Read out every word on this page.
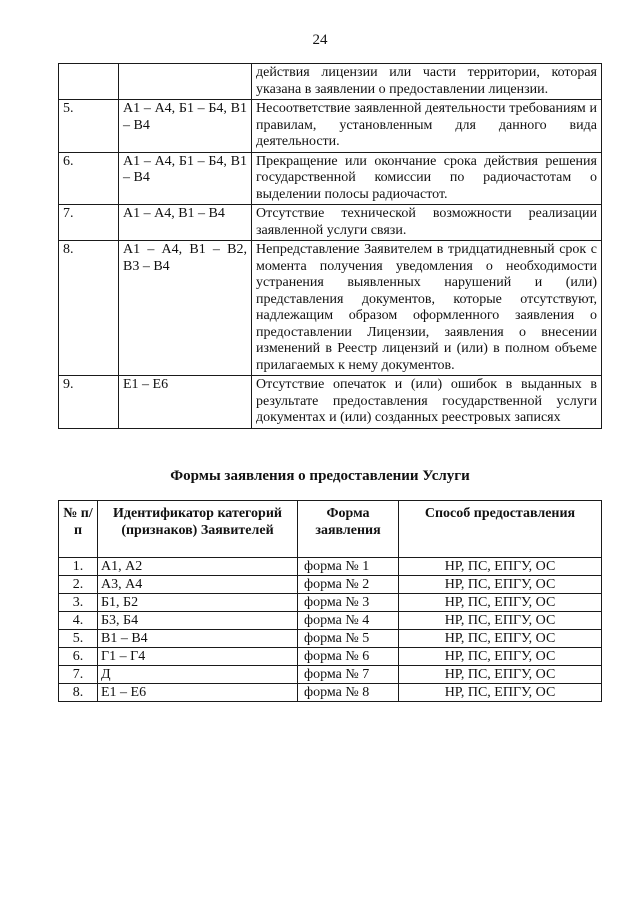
24
		действия лицензии или части территории, которая указана в заявлении о предоставлении лицензии.
5.	А1 – А4, Б1 – Б4, В1 – В4	Несоответствие заявленной деятельности требованиям и правилам, установленным для данного вида деятельности.
6.	А1 – А4, Б1 – Б4, В1 – В4	Прекращение или окончание срока действия решения государственной комиссии по радиочастотам о выделении полосы радиочастот.
7.	А1 – А4, В1 – В4	Отсутствие технической возможности реализации заявленной услуги связи.
8.	А1 – А4, В1 – В2, В3 – В4	Непредставление Заявителем в тридцатидневный срок с момента получения уведомления о необходимости устранения выявленных нарушений и (или) представления документов, которые отсутствуют, надлежащим образом оформленного заявления о предоставлении Лицензии, заявления о внесении изменений в Реестр лицензий и (или) в полном объеме прилагаемых к нему документов.
9.	Е1 – Е6	Отсутствие опечаток и (или) ошибок в выданных в результате предоставления государственной услуги документах и (или) созданных реестровых записях
Формы заявления о предоставлении Услуги
№ п/п	Идентификатор категорий (признаков) Заявителей	Форма заявления	Способ предоставления
1.	А1, А2	форма № 1	НР, ПС, ЕПГУ, ОС
2.	А3, А4	форма № 2	НР, ПС, ЕПГУ, ОС
3.	Б1, Б2	форма № 3	НР, ПС, ЕПГУ, ОС
4.	Б3, Б4	форма № 4	НР, ПС, ЕПГУ, ОС
5.	В1 – В4	форма № 5	НР, ПС, ЕПГУ, ОС
6.	Г1 – Г4	форма № 6	НР, ПС, ЕПГУ, ОС
7.	Д	форма № 7	НР, ПС, ЕПГУ, ОС
8.	Е1 – Е6	форма № 8	НР, ПС, ЕПГУ, ОС
